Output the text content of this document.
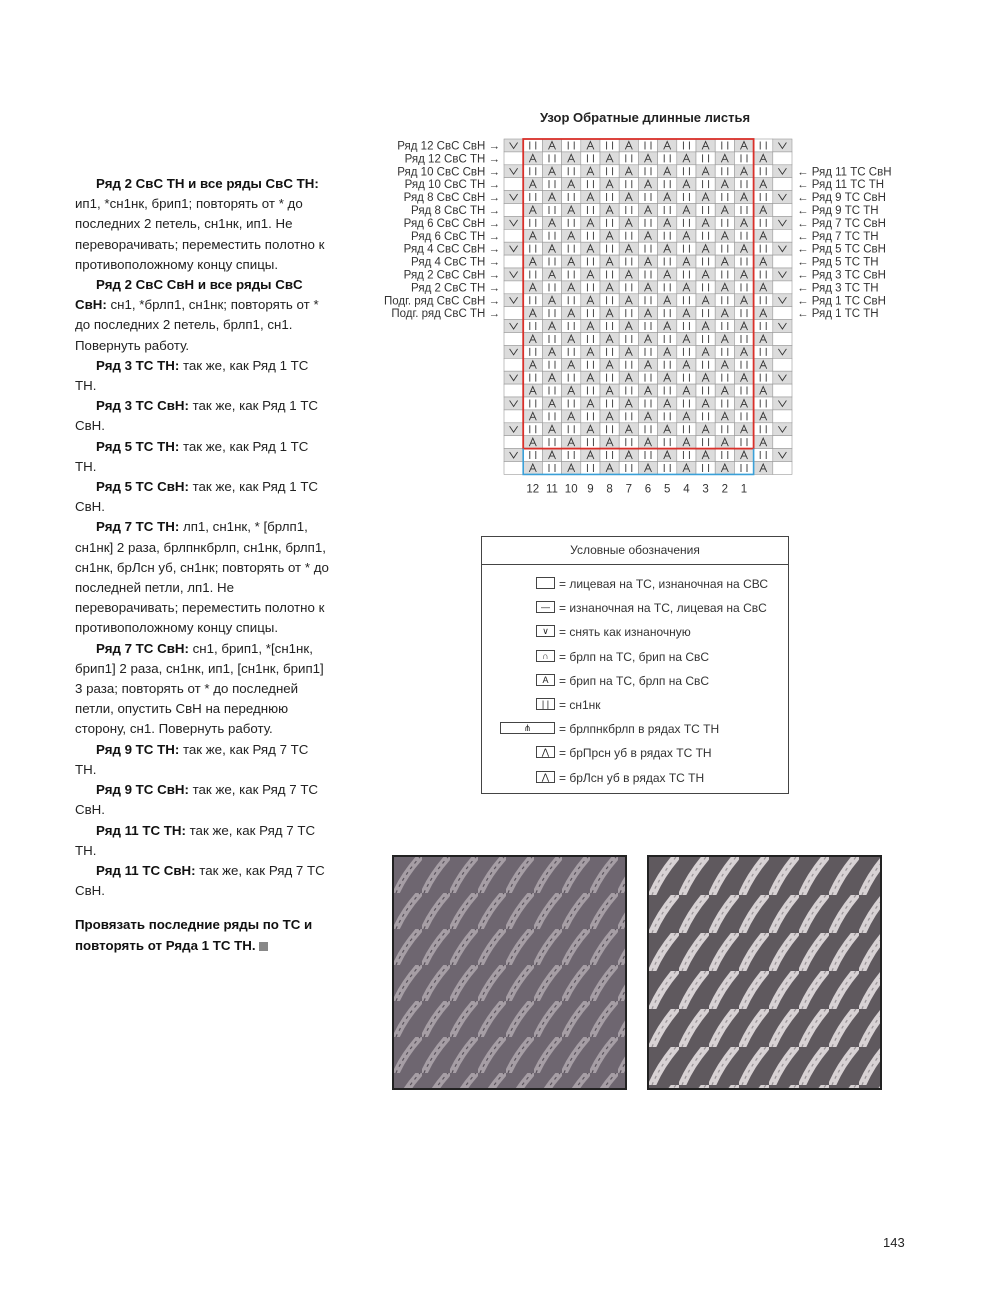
Ряд 2 СвС ТН и все ряды СвС ТН: ип1, *сн1нк, брип1; повторять от * до последних 2 петель, сн1нк, ип1. Не переворачивать; переместить полотно к противоположному концу спицы.

Ряд 2 СвС СвН и все ряды СвС СвН: сн1, *брлп1, сн1нк; повторять от * до последних 2 петель, брлп1, сн1. Повернуть работу.

Ряд 3 ТС ТН: так же, как Ряд 1 ТС ТН.

Ряд 3 ТС СвН: так же, как Ряд 1 ТС СвН.

Ряд 5 ТС ТН: так же, как Ряд 1 ТС ТН.

Ряд 5 ТС СвН: так же, как Ряд 1 ТС СвН.

Ряд 7 ТС ТН: лп1, сн1нк, * [брлп1, сн1нк] 2 раза, брлпнкбрлп, сн1нк, брлп1, сн1нк, брЛсн уб, сн1нк; повторять от * до последней петли, лп1. Не переворачивать; переместить полотно к противоположному концу спицы.

Ряд 7 ТС СвН: сн1, брип1, *[сн1нк, брип1] 2 раза, сн1нк, ип1, [сн1нк, брип1] 3 раза; повторять от * до последней петли, опустить СвН на переднюю сторону, сн1. Повернуть работу.

Ряд 9 ТС ТН: так же, как Ряд 7 ТС ТН.

Ряд 9 ТС СвН: так же, как Ряд 7 ТС СвН.

Ряд 11 ТС ТН: так же, как Ряд 7 ТС ТН.

Ряд 11 ТС СвН: так же, как Ряд 7 ТС СвН.

Провязать последние ряды по ТС и повторять от Ряда 1 ТС ТН.

Узор Обратные длинные листья
Ряд 12 СвС СвН →
Ряд 12 СвС ТН →
Ряд 10 СвС СвН →
Ряд 10 СвС ТН →
Ряд 8 СвС СвН →
Ряд 8 СвС ТН →
Ряд 6 СвС СвН →
Ряд 6 СвС ТН →
Ряд 4 СвС СвН →
Ряд 4 СвС ТН →
Ряд 2 СвС СвН →
Ряд 2 СвС ТН →
Подг. ряд СвС СвН →
Подг. ряд СвС ТН →
← Ряд 11 ТС СвН
← Ряд 11 ТС ТН
← Ряд 9 ТС СвН
← Ряд 9 ТС ТН
← Ряд 7 ТС СвН
← Ряд 7 ТС ТН
← Ряд 5 ТС СвН
← Ряд 5 ТС ТН
← Ряд 3 ТС СвН
← Ряд 3 ТС ТН
← Ряд 1 ТС СвН
← Ряд 1 ТС ТН
12 11 10 9 8 7 6 5 4 3 2 1
Условные обозначения
= лицевая на ТС, изнаночная на СВС
— = изнаночная на ТС, лицевая на СвС
∨ = снять как изнаночную
∩ = брлп на ТС, брип на СвС
A = брип на ТС, брлп на СвС
| | = сн1нк
⋔	= брлпнкбрлп в рядах ТС ТН
⋀ = брПрсн уб в рядах ТС ТН
⋀ = брЛсн уб в рядах ТС ТН
143
